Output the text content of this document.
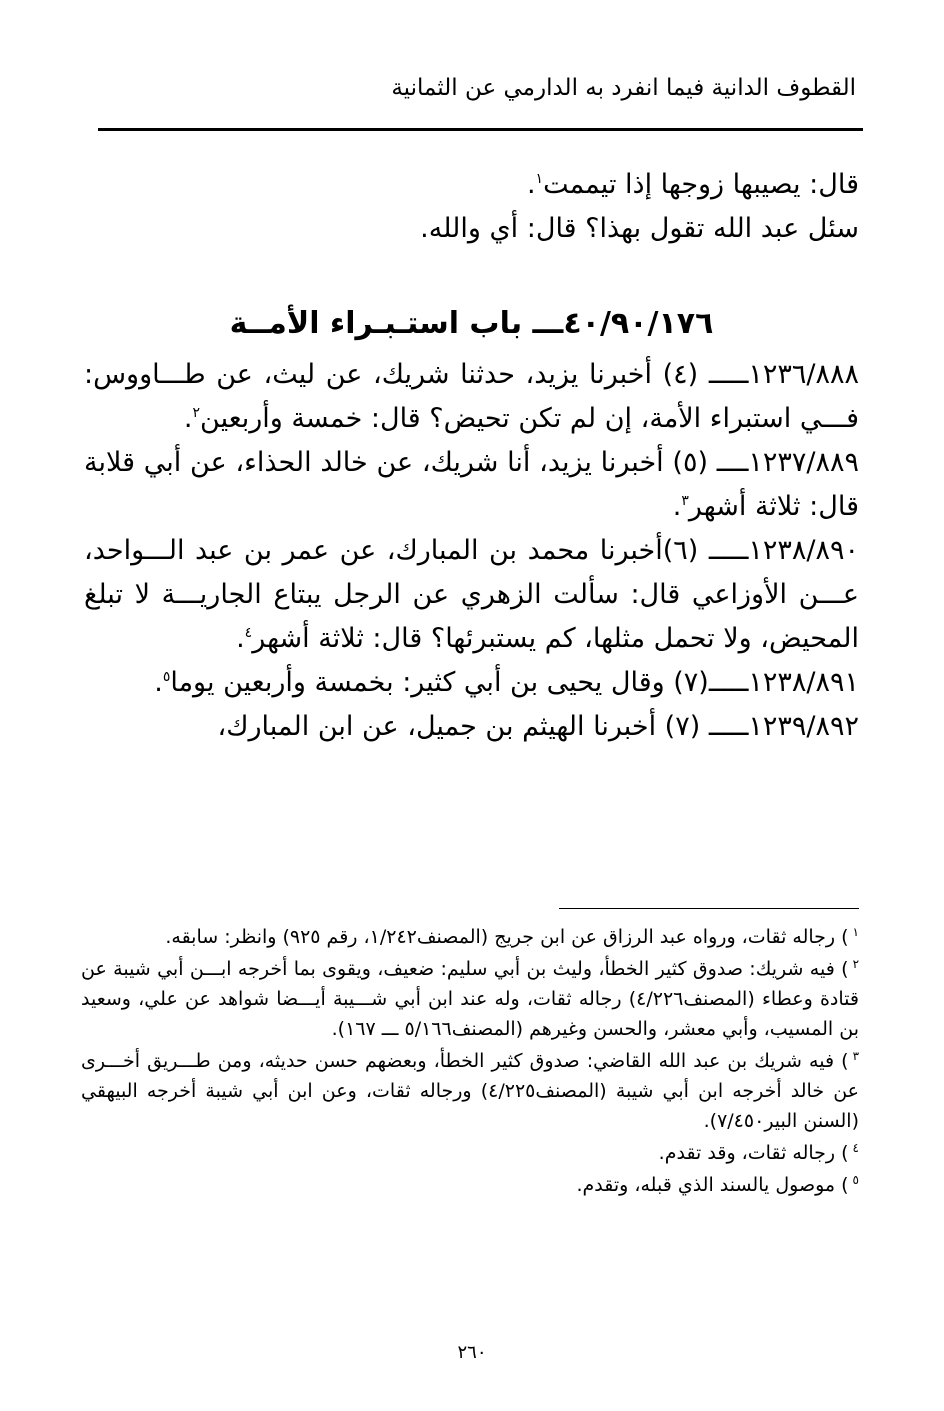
القطوف الدانية فيما انفرد به الدارمي عن الثمانية

قال: يصيبها زوجها إذا تيممت$^١$.

سئل عبد الله تقول بهذا؟ قال: أي والله.

٤٠/٩٠/١٧٦ـــ باب استـبـراء الأمــة

١٢٣٦/٨٨٨ـــــ (٤) أخبرنا يزيد، حدثنا شريك، عن ليث، عن طـــاووس: فـــي استبراء الأمة، إن لم تكن تحيض؟ قال: خمسة وأربعين$^٢$.

١٢٣٧/٨٨٩ــــ (٥) أخبرنا يزيد، أنا شريك، عن خالد الحذاء، عن أبي قلابة قال: ثلاثة أشهر$^٣$.

١٢٣٨/٨٩٠ـــــ (٦)أخبرنا محمد بن المبارك، عن عمر بن عبد الـــواحد، عـــن الأوزاعي قال: سألت الزهري عن الرجل يبتاع الجاريـــة لا تبلغ المحيض، ولا تحمل مثلها، كم يستبرئها؟ قال: ثلاثة أشهر$^٤$.

١٢٣٨/٨٩١ـــــ(٧) وقال يحيى بن أبي كثير: بخمسة وأربعين يوما$^٥$.

١٢٣٩/٨٩٢ـــــ (٧) أخبرنا الهيثم بن جميل، عن ابن المبارك،

$^١$) رجاله ثقات، ورواه عبد الرزاق عن ابن جريج (المصنف١/٢٤٢، رقم ٩٢٥) وانظر: سابقه.

$^٢$) فيه شريك: صدوق كثير الخطأ، وليث بن أبي سليم: ضعيف، ويقوى بما أخرجه ابـــن أبي شيبة عن قتادة وعطاء (المصنف٤/٢٢٦) رجاله ثقات، وله عند ابن أبي شـــيبة أيـــضا شواهد عن علي، وسعيد بن المسيب، وأبي معشر، والحسن وغيرهم (المصنف٥/١٦٦ ـــ ١٦٧).

$^٣$) فيه شريك بن عبد الله القاضي: صدوق كثير الخطأ، وبعضهم حسن حديثه، ومن طـــريق أخـــرى عن خالد أخرجه ابن أبي شيبة (المصنف٤/٢٢٥) ورجاله ثقات، وعن ابن أبي شيبة أخرجه البيهقي (السنن البير٧/٤٥٠).

$^٤$) رجاله ثقات، وقد تقدم.

$^٥$) موصول يالسند الذي قبله، وتقدم.

٢٦٠
